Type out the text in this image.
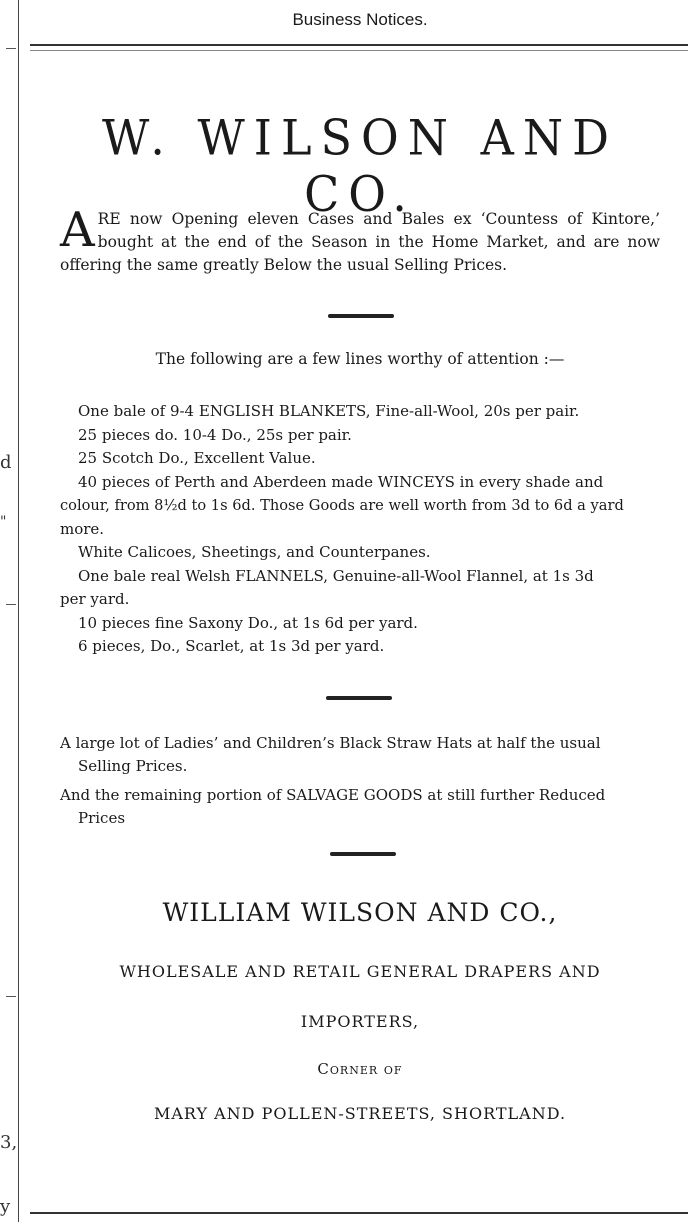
d
"
3,
y
Business Notices.
W. WILSON AND CO.
ARE now Opening eleven Cases and Bales ex ‘Countess of Kintore,’ bought at the end of the Season in the Home Market, and are now offering the same greatly Below the usual Selling Prices.
The following are a few lines worthy of attention :—
One bale of 9-4 ENGLISH BLANKETS, Fine-all-Wool, 20s per pair.
25 pieces do. 10-4 Do., 25s per pair.
25 Scotch Do., Excellent Value.
40 pieces of Perth and Aberdeen made WINCEYS in every shade and
colour, from 8½d to 1s 6d. Those Goods are well worth from 3d to 6d a yard
more.
White Calicoes, Sheetings, and Counterpanes.
One bale real Welsh FLANNELS, Genuine-all-Wool Flannel, at 1s 3d
per yard.
10 pieces fine Saxony Do., at 1s 6d per yard.
6 pieces, Do., Scarlet, at 1s 3d per yard.
A large lot of Ladies’ and Children’s Black Straw Hats at half the usual
Selling Prices.
And the remaining portion of SALVAGE GOODS at still further Reduced
Prices
WILLIAM WILSON AND CO.,
WHOLESALE AND RETAIL GENERAL DRAPERS AND
IMPORTERS,
Corner of
MARY AND POLLEN-STREETS, SHORTLAND.
